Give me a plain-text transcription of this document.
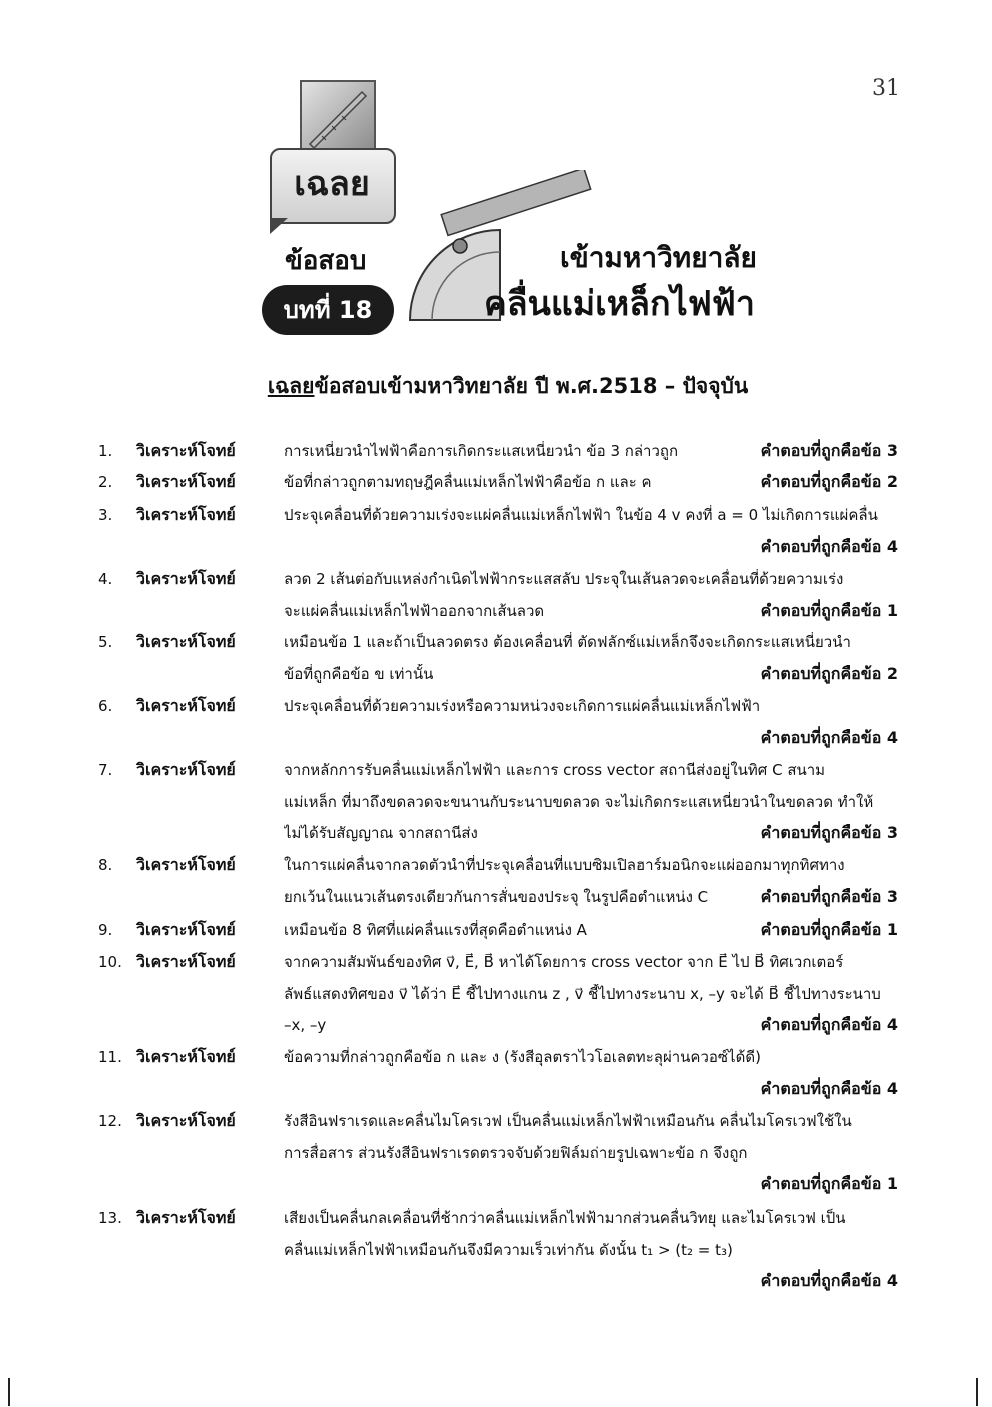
31
เฉลย
ข้อสอบ
บทที่ 18
เข้ามหาวิทยาลัย
คลื่นแม่เหล็กไฟฟ้า
เฉลยข้อสอบเข้ามหาวิทยาลัย ปี พ.ศ.2518 – ปัจจุบัน
1. วิเคราะห์โจทย์	การเหนี่ยวนำไฟฟ้าคือการเกิดกระแสเหนี่ยวนำ ข้อ 3 กล่าวถูก	คำตอบที่ถูกคือข้อ 3
2. วิเคราะห์โจทย์	ข้อที่กล่าวถูกตามทฤษฎีคลื่นแม่เหล็กไฟฟ้าคือข้อ ก และ ค	คำตอบที่ถูกคือข้อ 2
3. วิเคราะห์โจทย์	ประจุเคลื่อนที่ด้วยความเร่งจะแผ่คลื่นแม่เหล็กไฟฟ้า ในข้อ 4 v คงที่ a = 0 ไม่เกิดการแผ่คลื่น
คำตอบที่ถูกคือข้อ 4
4. วิเคราะห์โจทย์	ลวด 2 เส้นต่อกับแหล่งกำเนิดไฟฟ้ากระแสสลับ ประจุในเส้นลวดจะเคลื่อนที่ด้วยความเร่ง
จะแผ่คลื่นแม่เหล็กไฟฟ้าออกจากเส้นลวด	คำตอบที่ถูกคือข้อ 1
5. วิเคราะห์โจทย์	เหมือนข้อ 1 และถ้าเป็นลวดตรง ต้องเคลื่อนที่ ตัดฟลักซ์แม่เหล็กจึงจะเกิดกระแสเหนี่ยวนำ
ข้อที่ถูกคือข้อ ข เท่านั้น	คำตอบที่ถูกคือข้อ 2
6. วิเคราะห์โจทย์	ประจุเคลื่อนที่ด้วยความเร่งหรือความหน่วงจะเกิดการแผ่คลื่นแม่เหล็กไฟฟ้า
คำตอบที่ถูกคือข้อ 4
7. วิเคราะห์โจทย์	จากหลักการรับคลื่นแม่เหล็กไฟฟ้า และการ cross vector สถานีส่งอยู่ในทิศ C สนาม
แม่เหล็ก ที่มาถึงขดลวดจะขนานกับระนาบขดลวด จะไม่เกิดกระแสเหนี่ยวนำในขดลวด ทำให้
ไม่ได้รับสัญญาณ จากสถานีส่ง	คำตอบที่ถูกคือข้อ 3
8. วิเคราะห์โจทย์	ในการแผ่คลื่นจากลวดตัวนำที่ประจุเคลื่อนที่แบบซิมเปิลฮาร์มอนิกจะแผ่ออกมาทุกทิศทาง
ยกเว้นในแนวเส้นตรงเดียวกันการสั่นของประจุ ในรูปคือตำแหน่ง C	คำตอบที่ถูกคือข้อ 3
9. วิเคราะห์โจทย์	เหมือนข้อ 8 ทิศที่แผ่คลื่นแรงที่สุดคือตำแหน่ง A	คำตอบที่ถูกคือข้อ 1
10. วิเคราะห์โจทย์	จากความสัมพันธ์ของทิศ v⃗, E⃗, B⃗ หาได้โดยการ cross vector จาก E⃗ ไป B⃗ ทิศเวกเตอร์
ลัพธ์แสดงทิศของ v⃗ ได้ว่า E⃗ ชี้ไปทางแกน z , v⃗ ชี้ไปทางระนาบ x, –y จะได้ B⃗ ชี้ไปทางระนาบ
–x, –y	คำตอบที่ถูกคือข้อ 4
11. วิเคราะห์โจทย์	ข้อความที่กล่าวถูกคือข้อ ก และ ง (รังสีอุลตราไวโอเลตทะลุผ่านควอซ์ได้ดี)
คำตอบที่ถูกคือข้อ 4
12. วิเคราะห์โจทย์	รังสีอินฟราเรดและคลื่นไมโครเวฟ เป็นคลื่นแม่เหล็กไฟฟ้าเหมือนกัน คลื่นไมโครเวฟใช้ใน
การสื่อสาร ส่วนรังสีอินฟราเรดตรวจจับด้วยฟิล์มถ่ายรูปเฉพาะข้อ ก จึงถูก
คำตอบที่ถูกคือข้อ 1
13. วิเคราะห์โจทย์	เสียงเป็นคลื่นกลเคลื่อนที่ช้ากว่าคลื่นแม่เหล็กไฟฟ้ามากส่วนคลื่นวิทยุ และไมโครเวฟ เป็น
คลื่นแม่เหล็กไฟฟ้าเหมือนกันจึงมีความเร็วเท่ากัน ดังนั้น t₁ > (t₂ = t₃)
คำตอบที่ถูกคือข้อ 4
